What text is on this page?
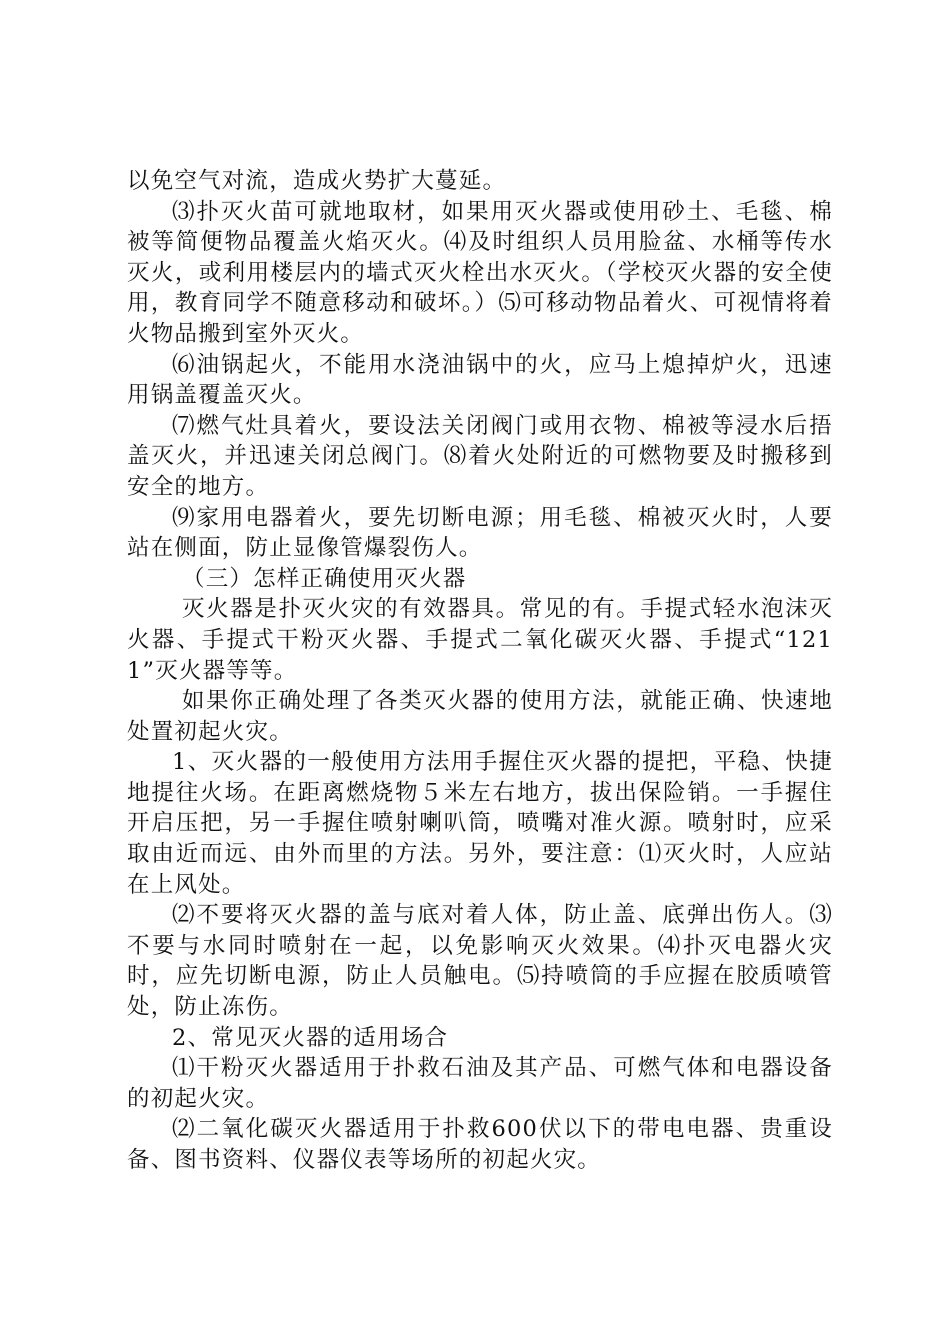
以免空气对流，造成火势扩大蔓延。

⑶扑灭火苗可就地取材，如果用灭火器或使用砂土、毛毯、棉被等简便物品覆盖火焰灭火。⑷及时组织人员用脸盆、水桶等传水灭火，或利用楼层内的墙式灭火栓出水灭火。（学校灭火器的安全使用，教育同学不随意移动和破坏。）⑸可移动物品着火、可视情将着火物品搬到室外灭火。

⑹油锅起火，不能用水浇油锅中的火，应马上熄掉炉火，迅速用锅盖覆盖灭火。

⑺燃气灶具着火，要设法关闭阀门或用衣物、棉被等浸水后捂盖灭火，并迅速关闭总阀门。⑻着火处附近的可燃物要及时搬移到安全的地方。

⑼家用电器着火，要先切断电源；用毛毯、棉被灭火时，人要站在侧面，防止显像管爆裂伤人。

（三）怎样正确使用灭火器

灭火器是扑灭火灾的有效器具。常见的有。手提式轻水泡沫灭火器、手提式干粉灭火器、手提式二氧化碳灭火器、手提式“1211”灭火器等等。

如果你正确处理了各类灭火器的使用方法，就能正确、快速地处置初起火灾。

1、灭火器的一般使用方法用手握住灭火器的提把，平稳、快捷地提往火场。在距离燃烧物５米左右地方，拔出保险销。一手握住开启压把，另一手握住喷射喇叭筒，喷嘴对准火源。喷射时，应采取由近而远、由外而里的方法。另外，要注意：⑴灭火时，人应站在上风处。

⑵不要将灭火器的盖与底对着人体，防止盖、底弹出伤人。⑶不要与水同时喷射在一起，以免影响灭火效果。⑷扑灭电器火灾时，应先切断电源，防止人员触电。⑸持喷筒的手应握在胶质喷管处，防止冻伤。

2、常见灭火器的适用场合

⑴干粉灭火器适用于扑救石油及其产品、可燃气体和电器设备的初起火灾。

⑵二氧化碳灭火器适用于扑救600伏以下的带电电器、贵重设备、图书资料、仪器仪表等场所的初起火灾。
